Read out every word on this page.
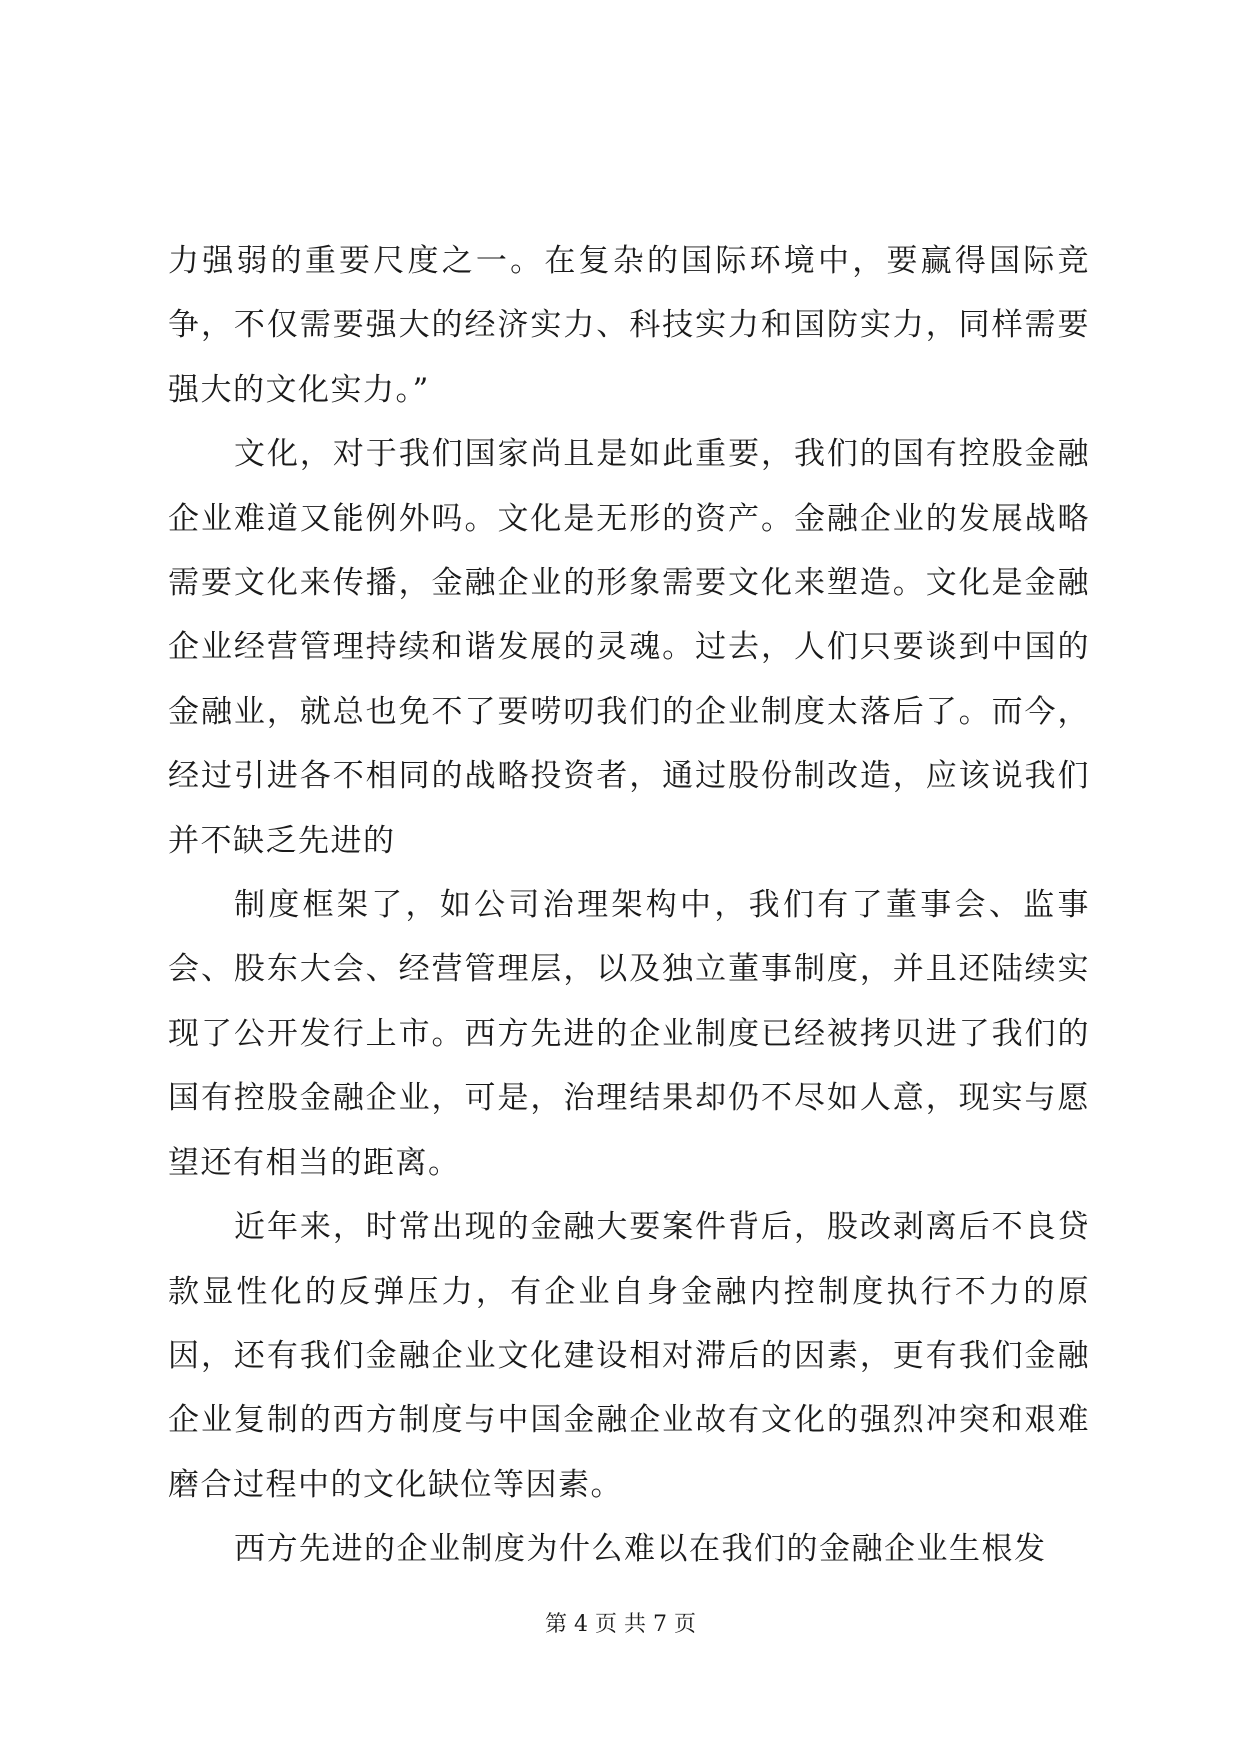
力强弱的重要尺度之一。在复杂的国际环境中，要赢得国际竞争，不仅需要强大的经济实力、科技实力和国防实力，同样需要强大的文化实力。”

文化，对于我们国家尚且是如此重要，我们的国有控股金融企业难道又能例外吗。文化是无形的资产。金融企业的发展战略需要文化来传播，金融企业的形象需要文化来塑造。文化是金融企业经营管理持续和谐发展的灵魂。过去，人们只要谈到中国的金融业，就总也免不了要唠叨我们的企业制度太落后了。而今，经过引进各不相同的战略投资者，通过股份制改造，应该说我们并不缺乏先进的

制度框架了，如公司治理架构中，我们有了董事会、监事会、股东大会、经营管理层，以及独立董事制度，并且还陆续实现了公开发行上市。西方先进的企业制度已经被拷贝进了我们的国有控股金融企业，可是，治理结果却仍不尽如人意，现实与愿望还有相当的距离。

近年来，时常出现的金融大要案件背后，股改剥离后不良贷款显性化的反弹压力，有企业自身金融内控制度执行不力的原因，还有我们金融企业文化建设相对滞后的因素，更有我们金融企业复制的西方制度与中国金融企业故有文化的强烈冲突和艰难磨合过程中的文化缺位等因素。

西方先进的企业制度为什么难以在我们的金融企业生根发

第 4 页 共 7 页
